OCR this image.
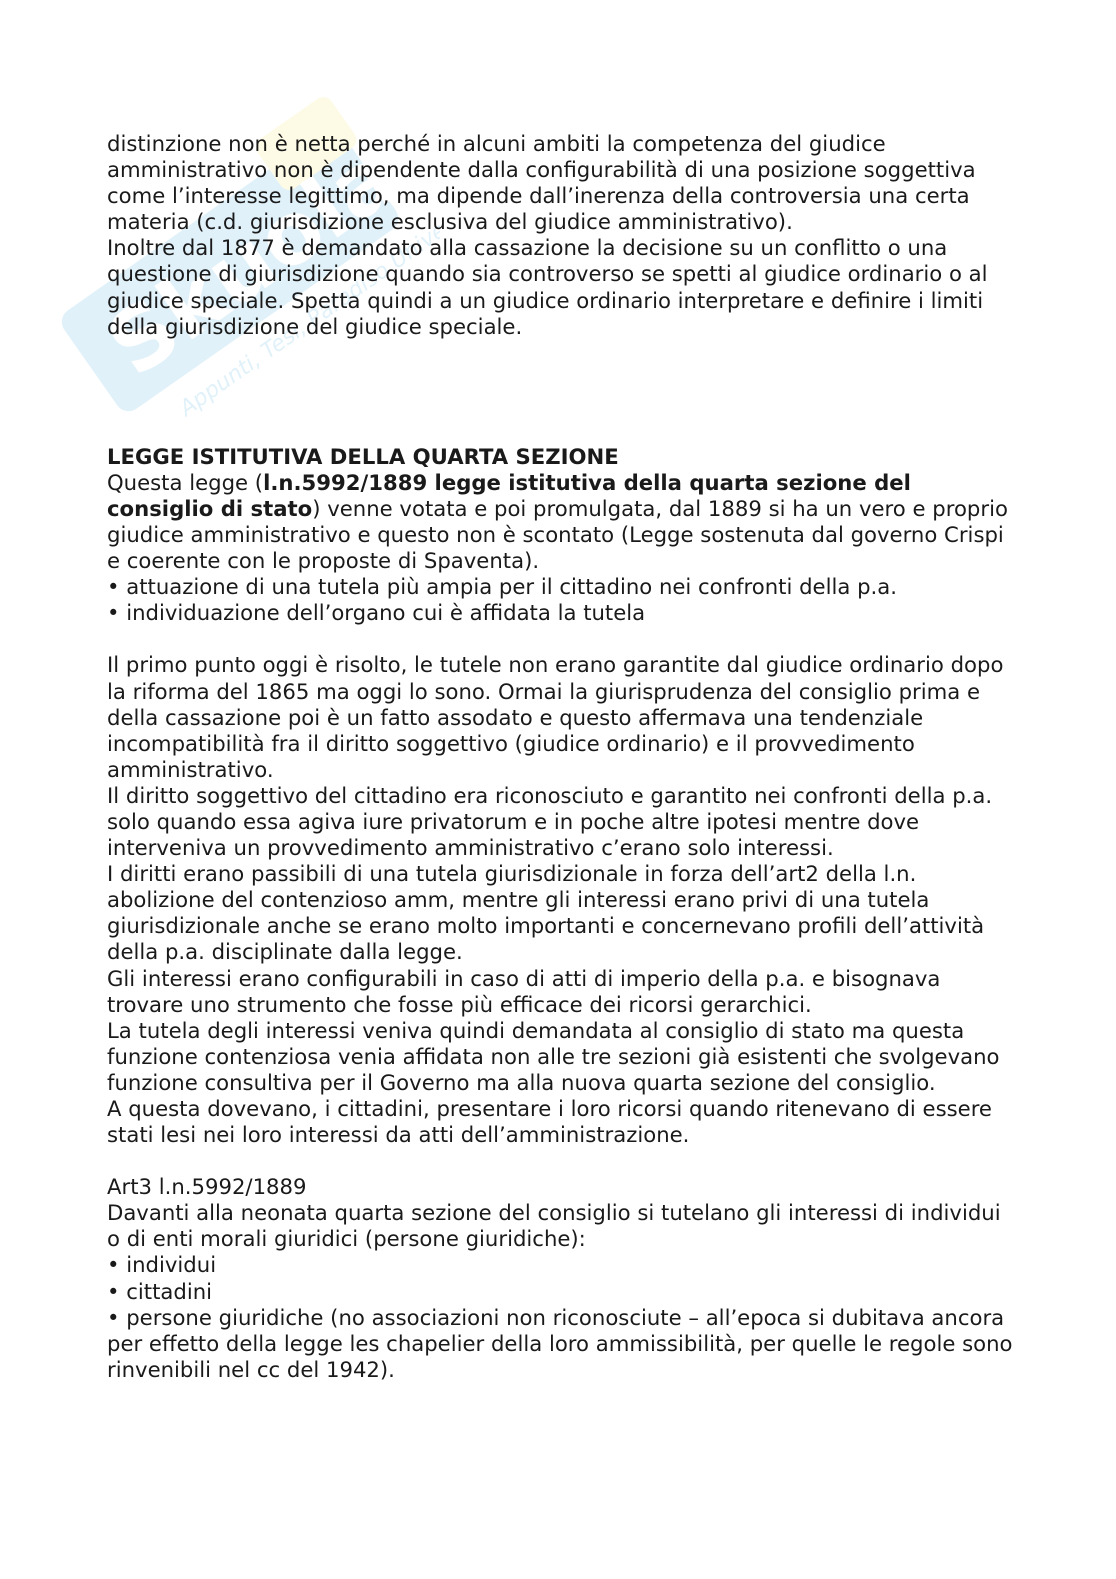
Skuola.net
Appunti, Tesi, Paradiso Universitario

distinzione non è netta perché in alcuni ambiti la competenza del giudice amministrativo non è dipendente dalla configurabilità di una posizione soggettiva come l’interesse legittimo, ma dipende dall’inerenza della controversia una certa materia (c.d. giurisdizione esclusiva del giudice amministrativo).

Inoltre dal 1877 è demandato alla cassazione la decisione su un conflitto o una questione di giurisdizione quando sia controverso se spetti al giudice ordinario o al giudice speciale. Spetta quindi a un giudice ordinario interpretare e definire i limiti della giurisdizione del giudice speciale.

LEGGE ISTITUTIVA DELLA QUARTA SEZIONE

Questa legge (l.n.5992/1889 legge istitutiva della quarta sezione del consiglio di stato) venne votata e poi promulgata, dal 1889 si ha un vero e proprio giudice amministrativo e questo non è scontato (Legge sostenuta dal governo Crispi e coerente con le proposte di Spaventa).

• attuazione di una tutela più ampia per il cittadino nei confronti della p.a.

• individuazione dell’organo cui è affidata la tutela

Il primo punto oggi è risolto, le tutele non erano garantite dal giudice ordinario dopo la riforma del 1865 ma oggi lo sono. Ormai la giurisprudenza del consiglio prima e della cassazione poi è un fatto assodato e questo affermava una tendenziale incompatibilità fra il diritto soggettivo (giudice ordinario) e il provvedimento amministrativo.

Il diritto soggettivo del cittadino era riconosciuto e garantito nei confronti della p.a. solo quando essa agiva iure privatorum e in poche altre ipotesi mentre dove interveniva un provvedimento amministrativo c’erano solo interessi.

I diritti erano passibili di una tutela giurisdizionale in forza dell’art2 della l.n. abolizione del contenzioso amm, mentre gli interessi erano privi di una tutela giurisdizionale anche se erano molto importanti e concernevano profili dell’attività della p.a. disciplinate dalla legge.

Gli interessi erano configurabili in caso di atti di imperio della p.a. e bisognava trovare uno strumento che fosse più efficace dei ricorsi gerarchici.

La tutela degli interessi veniva quindi demandata al consiglio di stato ma questa funzione contenziosa venia affidata non alle tre sezioni già esistenti che svolgevano funzione consultiva per il Governo ma alla nuova quarta sezione del consiglio.

A questa dovevano, i cittadini, presentare i loro ricorsi quando ritenevano di essere stati lesi nei loro interessi da atti dell’amministrazione.

Art3 l.n.5992/1889

Davanti alla neonata quarta sezione del consiglio si tutelano gli interessi di individui o di enti morali giuridici (persone giuridiche):

• individui

• cittadini

• persone giuridiche (no associazioni non riconosciute – all’epoca si dubitava ancora per effetto della legge les chapelier della loro ammissibilità, per quelle le regole sono rinvenibili nel cc del 1942).
